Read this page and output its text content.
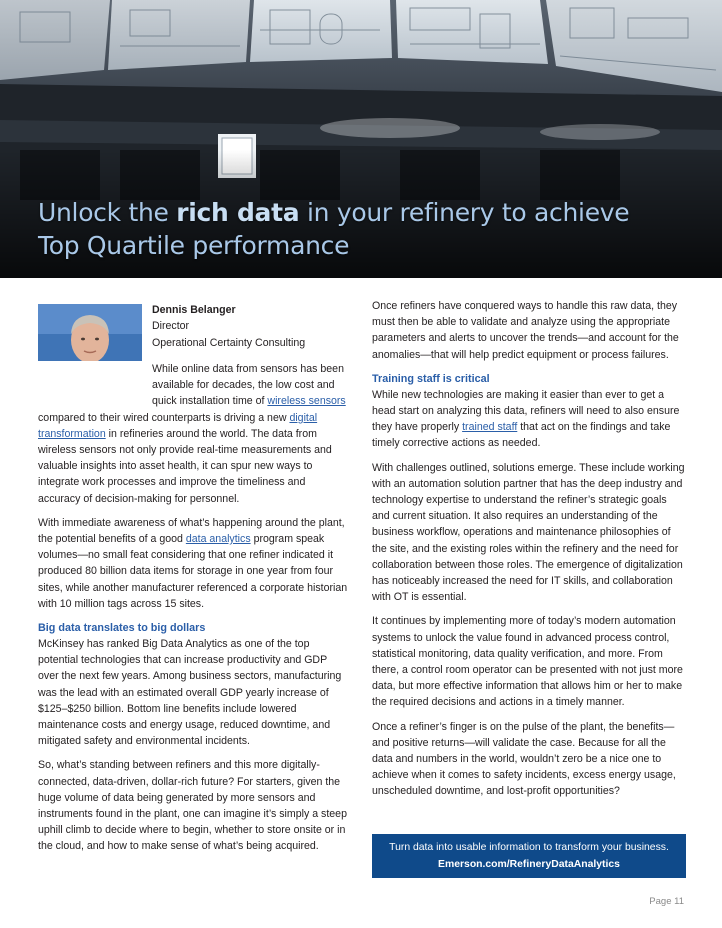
Unlock the rich data in your refinery to achieve Top Quartile performance
Dennis Belanger
Director
Operational Certainty Consulting

While online data from sensors has been available for decades, the low cost and quick installation time of wireless sensors

compared to their wired counterparts is driving a new digital transformation in refineries around the world. The data from wireless sensors not only provide real-time measurements and valuable insights into asset health, it can spur new ways to integrate work processes and improve the timeliness and accuracy of decision-making for personnel.

With immediate awareness of what’s happening around the plant, the potential benefits of a good data analytics program speak volumes—no small feat considering that one refiner indicated it produced 80 billion data items for storage in one year from four sites, while another manufacturer referenced a corporate historian with 10 million tags across 15 sites.

Big data translates to big dollars

McKinsey has ranked Big Data Analytics as one of the top potential technologies that can increase productivity and GDP over the next few years. Among business sectors, manufacturing was the lead with an estimated overall GDP yearly increase of $125–$250 billion. Bottom line benefits include lowered maintenance costs and energy usage, reduced downtime, and mitigated safety and environmental incidents.

So, what’s standing between refiners and this more digitally-connected, data-driven, dollar-rich future? For starters, given the huge volume of data being generated by more sensors and instruments found in the plant, one can imagine it’s simply a steep uphill climb to decide where to begin, whether to store onsite or in the cloud, and how to make sense of what’s being acquired.

Once refiners have conquered ways to handle this raw data, they must then be able to validate and analyze using the appropriate parameters and alerts to uncover the trends—and account for the anomalies—that will help predict equipment or process failures.

Training staff is critical

While new technologies are making it easier than ever to get a head start on analyzing this data, refiners will need to also ensure they have properly trained staff that act on the findings and take timely corrective actions as needed.

With challenges outlined, solutions emerge. These include working with an automation solution partner that has the deep industry and technology expertise to understand the refiner’s strategic goals and current situation. It also requires an understanding of the business workflow, operations and maintenance philosophies of the site, and the existing roles within the refinery and the need for collaboration between those roles. The emergence of digitalization has noticeably increased the need for IT skills, and collaboration with OT is essential.

It continues by implementing more of today’s modern automation systems to unlock the value found in advanced process control, statistical monitoring, data quality verification, and more. From there, a control room operator can be presented with not just more data, but more effective information that allows him or her to make the required decisions and actions in a timely manner.

Once a refiner’s finger is on the pulse of the plant, the benefits—and positive returns—will validate the case. Because for all the data and numbers in the world, wouldn’t zero be a nice one to achieve when it comes to safety incidents, excess energy usage, unscheduled downtime, and lost-profit opportunities?

Turn data into usable information to transform your business.
Emerson.com/RefineryDataAnalytics
Page 11
